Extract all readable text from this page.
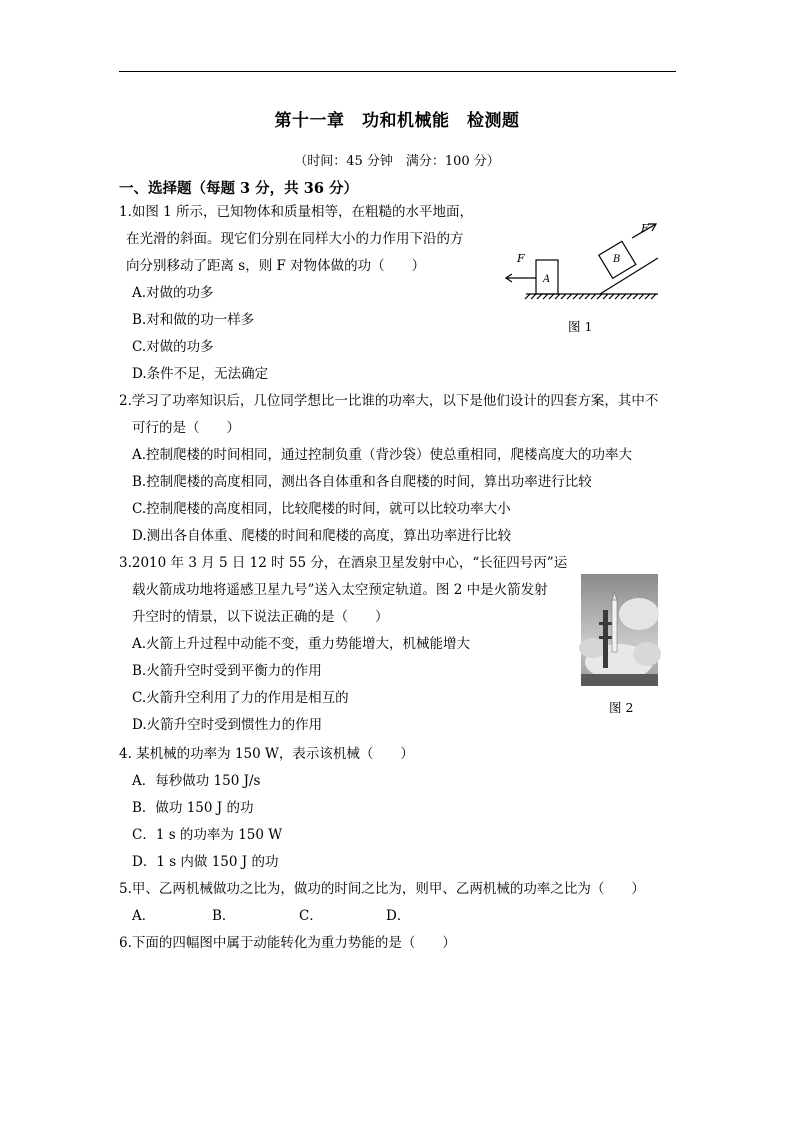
第十一章　功和机械能　检测题
（时间：45 分钟　满分：100 分）
一、选择题（每题 3 分，共 36 分）
1.如图 1 所示，已知物体和质量相等，在粗糙的水平地面，
在光滑的斜面。现它们分别在同样大小的力作用下沿的方
向分别移动了距离 s，则 F 对物体做的功（　　）
A.对做的功多
B.对和做的功一样多
C.对做的功多
D.条件不足，无法确定
F
A
B
F
图 1
2.学习了功率知识后，几位同学想比一比谁的功率大，以下是他们设计的四套方案，其中不
可行的是（　　）
A.控制爬楼的时间相同，通过控制负重（背沙袋）使总重相同，爬楼高度大的功率大
B.控制爬楼的高度相同，测出各自体重和各自爬楼的时间，算出功率进行比较
C.控制爬楼的高度相同，比较爬楼的时间，就可以比较功率大小
D.测出各自体重、爬楼的时间和爬楼的高度，算出功率进行比较
3.2010 年 3 月 5 日 12 时 55 分，在酒泉卫星发射中心，“长征四号丙”运
载火箭成功地将遥感卫星九号”送入太空预定轨道。图 2 中是火箭发射
升空时的情景，以下说法正确的是（　　）
A.火箭上升过程中动能不变，重力势能增大，机械能增大
B.火箭升空时受到平衡力的作用
C.火箭升空利用了力的作用是相互的
D.火箭升空时受到惯性力的作用
图 2
4. 某机械的功率为 150 W，表示该机械（　　）
A．每秒做功 150 J/s
B．做功 150 J 的功
C．1 s 的功率为 150 W
D．1 s 内做 150 J 的功
5.甲、乙两机械做功之比为，做功的时间之比为，则甲、乙两机械的功率之比为（　　）
A．	B．	C．	D．
6.下面的四幅图中属于动能转化为重力势能的是（　　）
